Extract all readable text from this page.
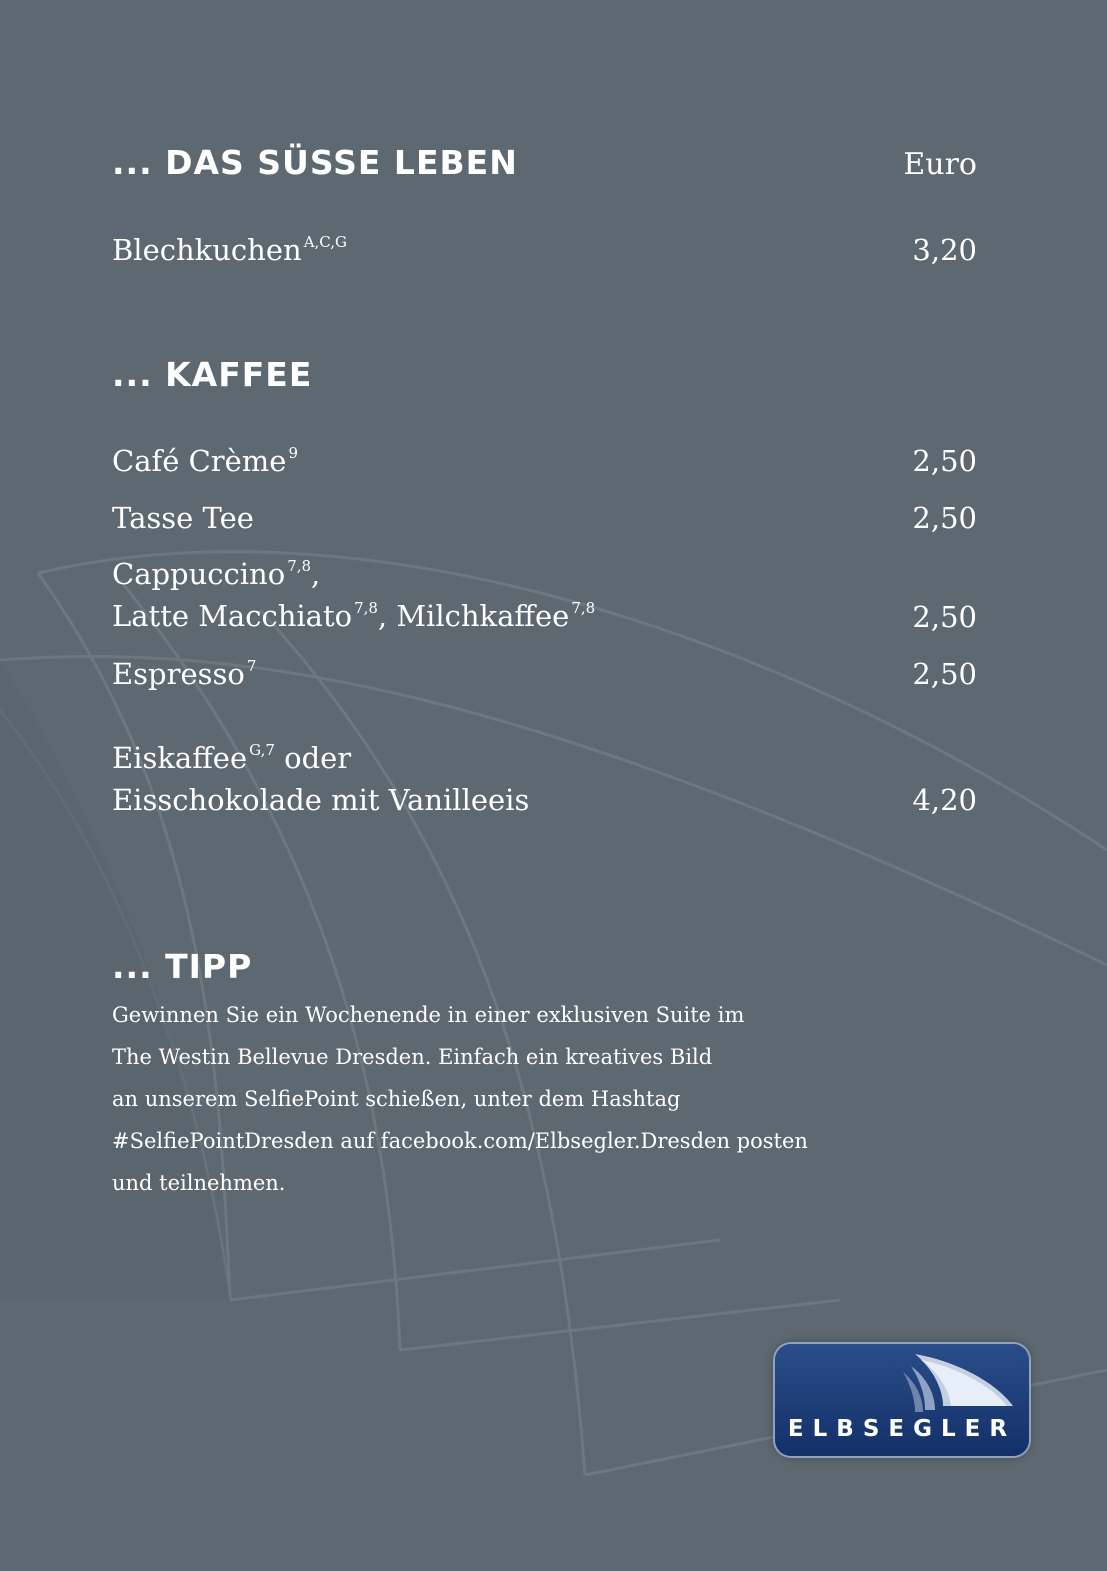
... DAS SÜSSE LEBEN	Euro
Blechkuchen $^{A,C,G}$	3,20
... KAFFEE
Café Crème $^9$	2,50
Tasse Tee	2,50
Cappuccino $^{7,8}$,
Latte Macchiato $^{7,8}$, Milchkaffee $^{7,8}$	2,50
Espresso $^7$	2,50
Eiskaffee $^{G,7}$ oder
Eisschokolade mit Vanilleeis	4,20
... TIPP

Gewinnen Sie ein Wochenende in einer exklusiven Suite im
The Westin Bellevue Dresden. Einfach ein kreatives Bild
an unserem SelfiePoint schießen, unter dem Hashtag
#SelfiePointDresden auf facebook.com/Elbsegler.Dresden posten
und teilnehmen.

ELBSEGLER
